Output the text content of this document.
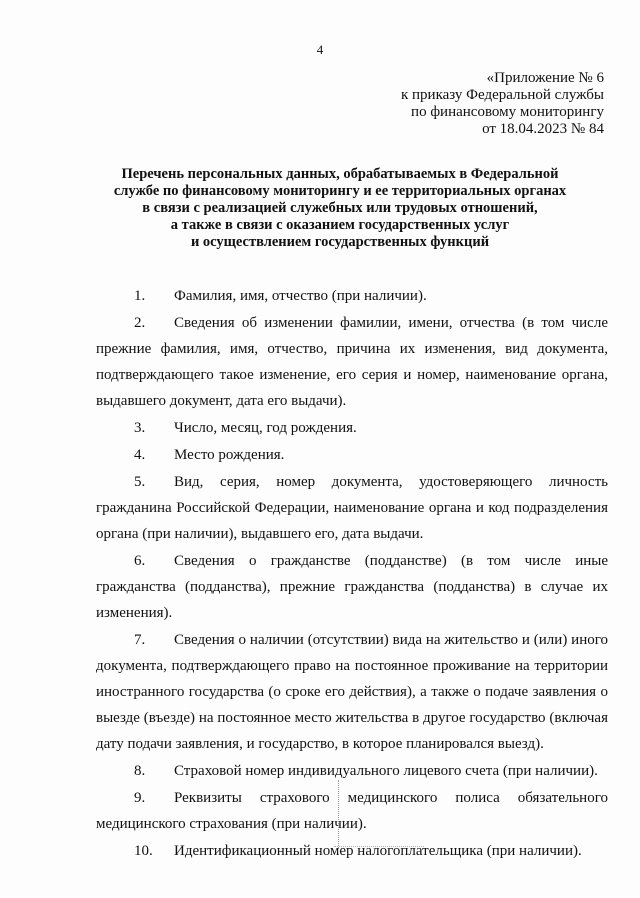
4
«Приложение № 6
к приказу Федеральной службы
по финансовому мониторингу
от 18.04.2023 № 84
Перечень персональных данных, обрабатываемых в Федеральной
службе по финансовому мониторингу и ее территориальных органах
в связи с реализацией служебных или трудовых отношений,
а также в связи с оказанием государственных услуг
и осуществлением государственных функций

1. Фамилия, имя, отчество (при наличии).

2. Сведения об изменении фамилии, имени, отчества (в том числе прежние фамилия, имя, отчество, причина их изменения, вид документа, подтверждающего такое изменение, его серия и номер, наименование органа, выдавшего документ, дата его выдачи).

3. Число, месяц, год рождения.

4. Место рождения.

5. Вид, серия, номер документа, удостоверяющего личность гражданина Российской Федерации, наименование органа и код подразделения органа (при наличии), выдавшего его, дата выдачи.

6. Сведения о гражданстве (подданстве) (в том числе иные гражданства (подданства), прежние гражданства (подданства) в случае их изменения).

7. Сведения о наличии (отсутствии) вида на жительство и (или) иного документа, подтверждающего право на постоянное проживание на территории иностранного государства (о сроке его действия), а также о подаче заявления о выезде (въезде) на постоянное место жительства в другое государство (включая дату подачи заявления, и государство, в которое планировался выезд).

8. Страховой номер индивидуального лицевого счета (при наличии).

9. Реквизиты страхового медицинского полиса обязательного медицинского страхования (при наличии).

10. Идентификационный номер налогоплательщика (при наличии).
